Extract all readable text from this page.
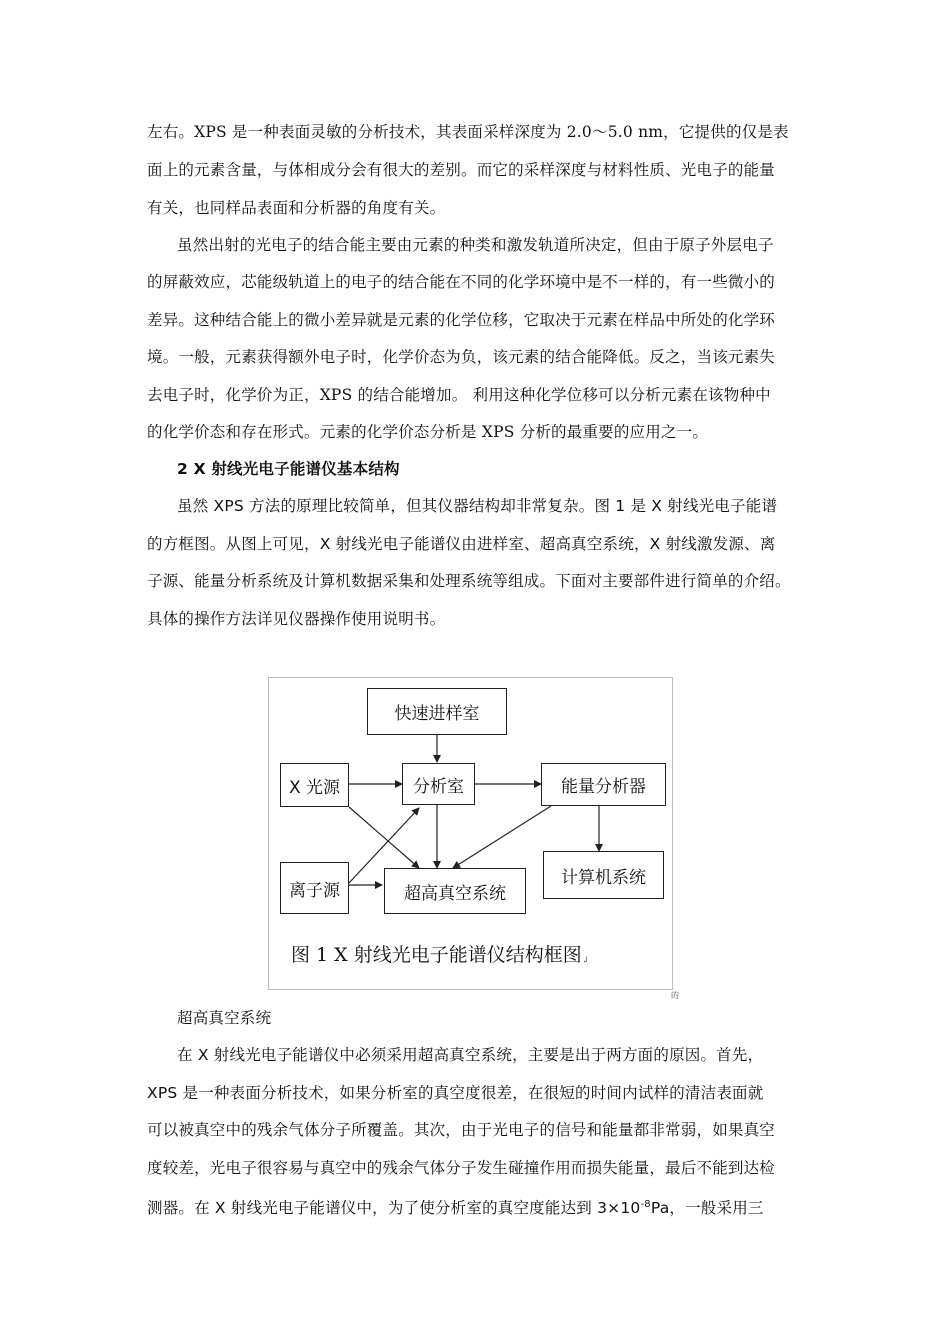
左右。XPS 是一种表面灵敏的分析技术，其表面采样深度为 2.0～5.0 nm，它提供的仅是表
面上的元素含量，与体相成分会有很大的差别。而它的采样深度与材料性质、光电子的能量
有关，也同样品表面和分析器的角度有关。
虽然出射的光电子的结合能主要由元素的种类和激发轨道所决定，但由于原子外层电子
的屏蔽效应，芯能级轨道上的电子的结合能在不同的化学环境中是不一样的，有一些微小的
差异。这种结合能上的微小差异就是元素的化学位移，它取决于元素在样品中所处的化学环
境。一般，元素获得额外电子时，化学价态为负，该元素的结合能降低。反之，当该元素失
去电子时，化学价为正，XPS 的结合能增加。 利用这种化学位移可以分析元素在该物种中
的化学价态和存在形式。元素的化学价态分析是 XPS 分析的最重要的应用之一。
2 X 射线光电子能谱仪基本结构
虽然 XPS 方法的原理比较简单，但其仪器结构却非常复杂。图 1 是 X 射线光电子能谱
的方框图。从图上可见，X 射线光电子能谱仪由进样室、超高真空系统，X 射线激发源、离
子源、能量分析系统及计算机数据采集和处理系统等组成。下面对主要部件进行简单的介绍。
具体的操作方法详见仪器操作使用说明书。
快速进样室
X 光源	分析室	能量分析器
离子源	超高真空系统
计算机系统
图 1 X 射线光电子能谱仪结构框图↲
的
超高真空系统
在 X 射线光电子能谱仪中必须采用超高真空系统，主要是出于两方面的原因。首先，
XPS 是一种表面分析技术，如果分析室的真空度很差，在很短的时间内试样的清洁表面就
可以被真空中的残余气体分子所覆盖。其次，由于光电子的信号和能量都非常弱，如果真空
度较差，光电子很容易与真空中的残余气体分子发生碰撞作用而损失能量，最后不能到达检
测器。在 X 射线光电子能谱仪中，为了使分析室的真空度能达到 $3\times 10^{-8}Pa$，一般采用三
